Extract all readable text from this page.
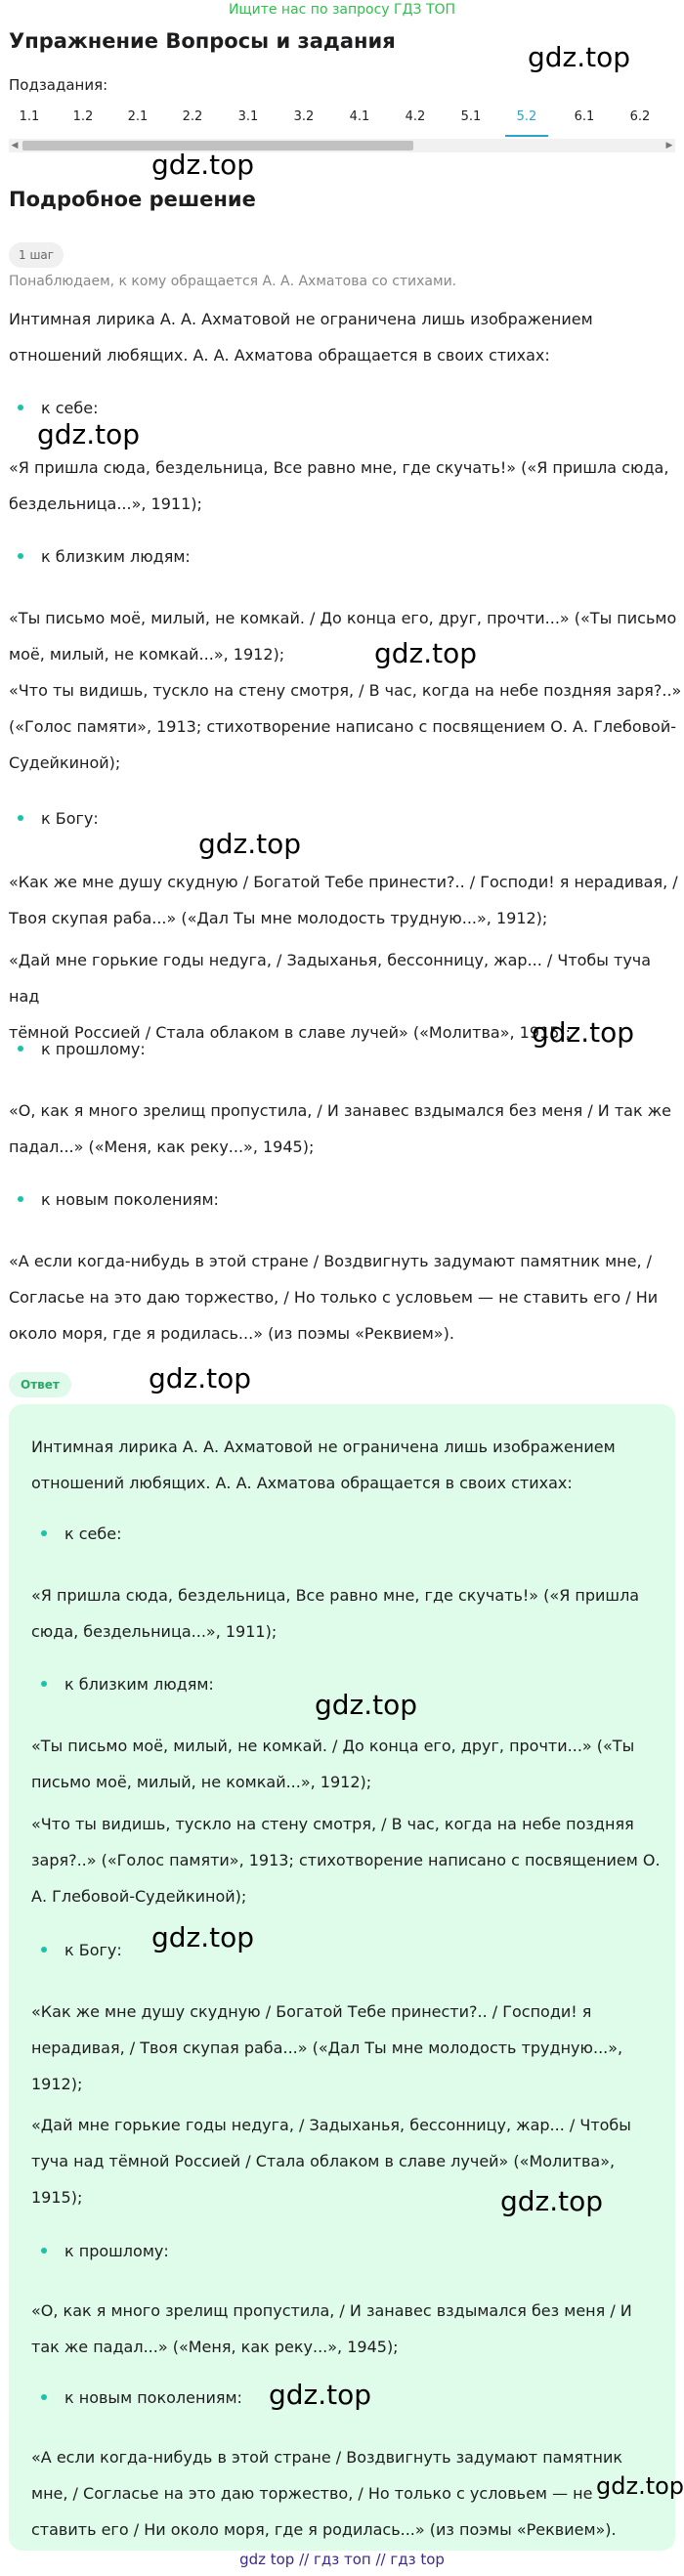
Ищите нас по запросу ГДЗ ТОП
Упражнение Вопросы и задания	gdz.top
Подзадания:
1.1	1.2	2.1	2.2	3.1	3.2	4.1	4.2	5.1	5.2	6.1	6.2
◀	▶
gdz.top
Подробное решение
1 шаг
Понаблюдаем, к кому обращается А. А. Ахматова со стихами.
Интимная лирика А. А. Ахматовой не ограничена лишь изображением
отношений любящих. А. А. Ахматова обращается в своих стихах:
к себе:
gdz.top
«Я пришла сюда, бездельница, Все равно мне, где скучать!» («Я пришла сюда,
бездельница...», 1911);
к близким людям:
«Ты письмо моё, милый, не комкай. / До конца его, друг, прочти...» («Ты письмо
моё, милый, не комкай...», 1912);	gdz.top
«Что ты видишь, тускло на стену смотря, / В час, когда на небе поздняя заря?..»
(«Голос памяти», 1913; стихотворение написано с посвящением О. А. Глебовой-
Судейкиной);
к Богу:
gdz.top
«Как же мне душу скудную / Богатой Тебе принести?.. / Господи! я нерадивая, /
Твоя скупая раба...» («Дал Ты мне молодость трудную...», 1912);
«Дай мне горькие годы недуга, / Задыханья, бессонницу, жар... / Чтобы туча над
тёмной Россией / Стала облаком в славе лучей» («Молитва», 1915);
gdz.top
к прошлому:
«О, как я много зрелищ пропустила, / И занавес вздымался без меня / И так же
падал...» («Меня, как реку...», 1945);
к новым поколениям:
«А если когда-нибудь в этой стране / Воздвигнуть задумают памятник мне, /
Согласье на это даю торжество, / Но только с условьем — не ставить его / Ни
около моря, где я родилась...» (из поэмы «Реквием»).
gdz.top
Ответ
Интимная лирика А. А. Ахматовой не ограничена лишь изображением
отношений любящих. А. А. Ахматова обращается в своих стихах:
к себе:
«Я пришла сюда, бездельница, Все равно мне, где скучать!» («Я пришла
сюда, бездельница...», 1911);
к близким людям:
gdz.top
«Ты письмо моё, милый, не комкай. / До конца его, друг, прочти...» («Ты
письмо моё, милый, не комкай...», 1912);
«Что ты видишь, тускло на стену смотря, / В час, когда на небе поздняя
заря?..» («Голос памяти», 1913; стихотворение написано с посвящением О.
А. Глебовой-Судейкиной);
к Богу: gdz.top
«Как же мне душу скудную / Богатой Тебе принести?.. / Господи! я
нерадивая, / Твоя скупая раба...» («Дал Ты мне молодость трудную...»,
1912);
«Дай мне горькие годы недуга, / Задыханья, бессонницу, жар... / Чтобы
туча над тёмной Россией / Стала облаком в славе лучей» («Молитва»,
1915);	gdz.top
к прошлому:
«О, как я много зрелищ пропустила, / И занавес вздымался без меня / И
так же падал...» («Меня, как реку...», 1945);
к новым поколениям: gdz.top
«А если когда-нибудь в этой стране / Воздвигнуть задумают памятник
мне, / Согласье на это даю торжество, / Но только с условьем — не
ставить его / Ни около моря, где я родилась...» (из поэмы «Реквием»).
gdz.top
gdz top // гдз топ // гдз top
